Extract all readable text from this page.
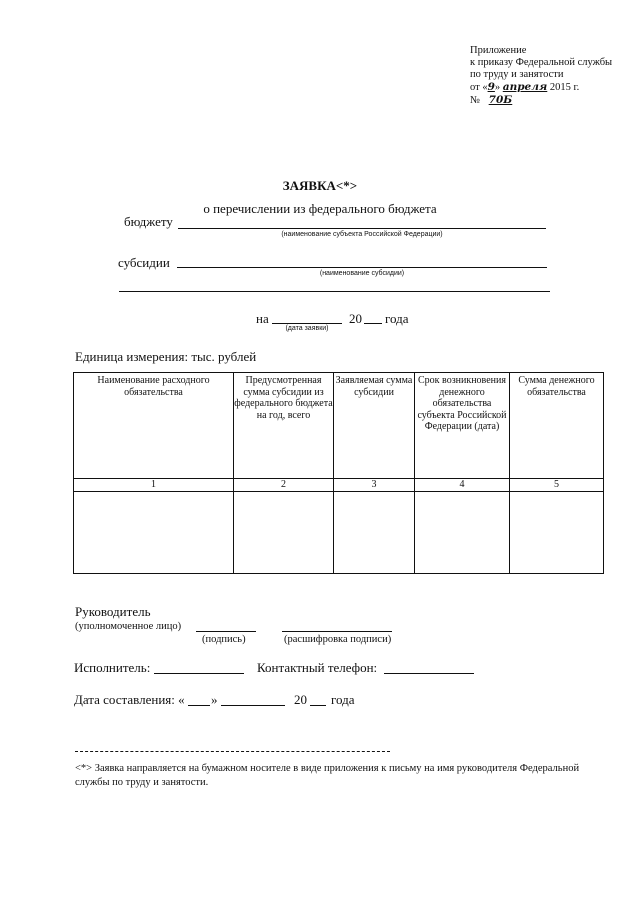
Приложение
к приказу Федеральной службы
по труду и занятости
от «9» апреля 2015 г.
№ 70Б
ЗАЯВКА<*>
о перечислении из федерального бюджета
бюджету
(наименование субъекта Российской Федерации)
субсидии
(наименование субсидии)
на	20 года
(дата заявки)
Единица измерения: тыс. рублей
Наименование расходного обязательства	Предусмотренная сумма субсидии из федерального бюджета на год, всего	Заявляемая сумма субсидии	Срок возникновения денежного обязательства субъекта Российской Федерации (дата)	Сумма денежного обязательства
1	2	3	4	5

Руководитель
(уполномоченное лицо)
(подпись)	(расшифровка подписи)
Исполнитель:	Контактный телефон:
Дата составления: « »	20 года
<*> Заявка направляется на бумажном носителе в виде приложения к письму на имя руководителя Федеральной службы по труду и занятости.
